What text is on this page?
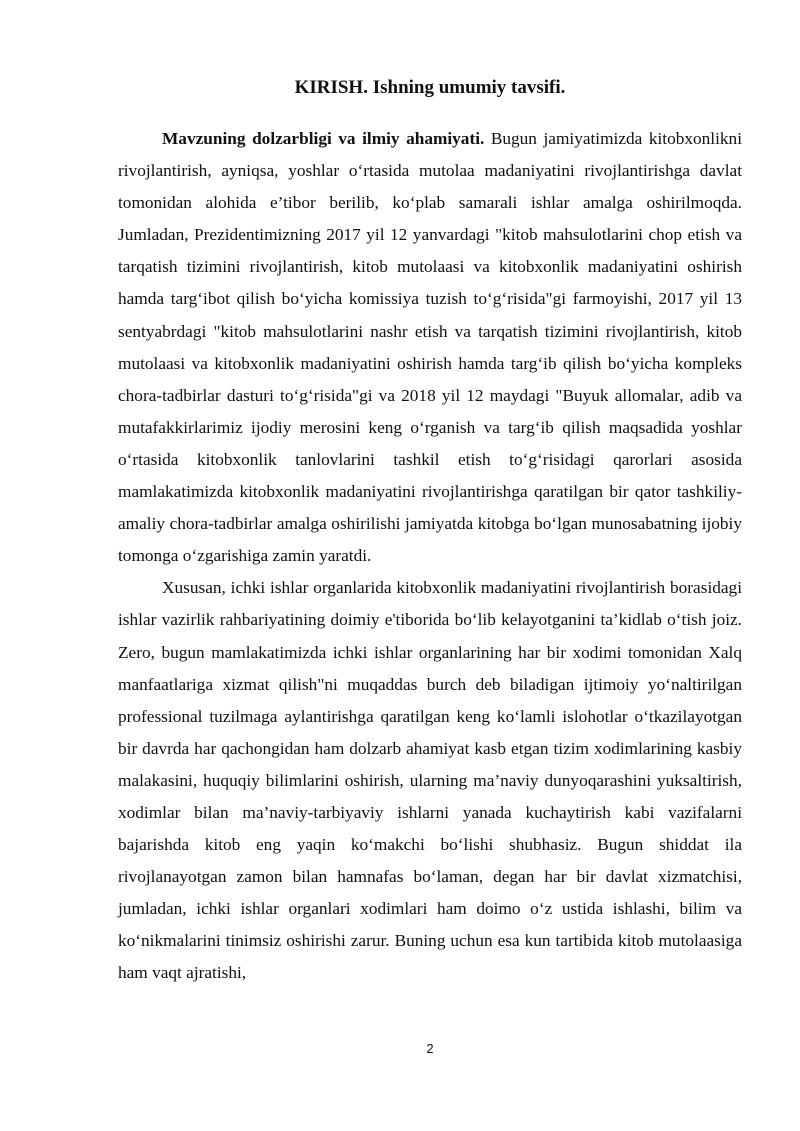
KIRISH. Ishning umumiy tavsifi.

Mavzuning dolzarbligi va ilmiy ahamiyati. Bugun jamiyatimizda kitobxonlikni rivojlantirish, ayniqsa, yoshlar oʻrtasida mutolaa madaniyatini rivojlantirishga davlat tomonidan alohida e’tibor berilib, koʻplab samarali ishlar amalga oshirilmoqda. Jumladan, Prezidentimizning 2017 yil 12 yanvardagi "kitob mahsulotlarini chop etish va tarqatish tizimini rivojlantirish, kitob mutolaasi va kitobxonlik madaniyatini oshirish hamda targʻibot qilish boʻyicha komissiya tuzish toʻgʻrisida"gi farmoyishi, 2017 yil 13 sentyabrdagi "kitob mahsulotlarini nashr etish va tarqatish tizimini rivojlantirish, kitob mutolaasi va kitobxonlik madaniyatini oshirish hamda targʻib qilish boʻyicha kompleks chora-tadbirlar dasturi toʻgʻrisida"gi va 2018 yil 12 maydagi "Buyuk allomalar, adib va mutafakkirlarimiz ijodiy merosini keng oʻrganish va targʻib qilish maqsadida yoshlar oʻrtasida kitobxonlik tanlovlarini tashkil etish toʻgʻrisidagi qarorlari asosida mamlakatimizda kitobxonlik madaniyatini rivojlantirishga qaratilgan bir qator tashkiliy-amaliy chora-tadbirlar amalga oshirilishi jamiyatda kitobga boʻlgan munosabatning ijobiy tomonga oʻzgarishiga zamin yaratdi.

Xususan, ichki ishlar organlarida kitobxonlik madaniyatini rivojlantirish borasidagi ishlar vazirlik rahbariyatining doimiy e'tiborida boʻlib kelayotganini ta’kidlab oʻtish joiz. Zero, bugun mamlakatimizda ichki ishlar organlarining har bir xodimi tomonidan Xalq manfaatlariga xizmat qilish"ni muqaddas burch deb biladigan ijtimoiy yoʻnaltirilgan professional tuzilmaga aylantirishga qaratilgan keng koʻlamli islohotlar oʻtkazilayotgan bir davrda har qachongidan ham dolzarb ahamiyat kasb etgan tizim xodimlarining kasbiy malakasini, huquqiy bilimlarini oshirish, ularning ma’naviy dunyoqarashini yuksaltirish, xodimlar bilan ma’naviy-tarbiyaviy ishlarni yanada kuchaytirish kabi vazifalarni bajarishda kitob eng yaqin koʻmakchi boʻlishi shubhasiz. Bugun shiddat ila rivojlanayotgan zamon bilan hamnafas boʻlaman, degan har bir davlat xizmatchisi, jumladan, ichki ishlar organlari xodimlari ham doimo oʻz ustida ishlashi, bilim va koʻnikmalarini tinimsiz oshirishi zarur. Buning uchun esa kun tartibida kitob mutolaasiga ham vaqt ajratishi,

2
